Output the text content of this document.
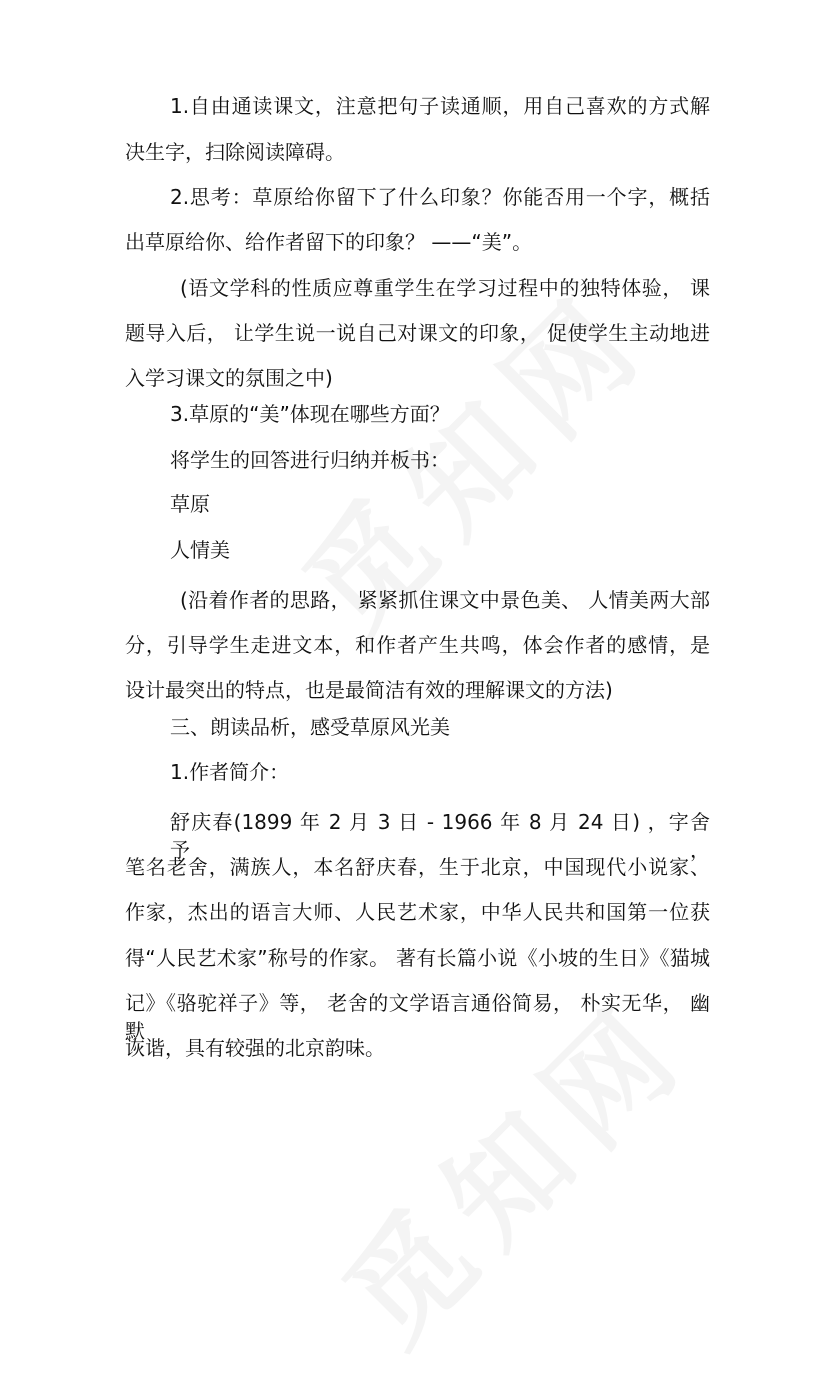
1.自由通读课文，注意把句子读通顺，用自己喜欢的方式解
决生字，扫除阅读障碍。
2.思考：草原给你留下了什么印象？你能否用一个字，概括
出草原给你、给作者留下的印象？ ——“美”。
(语文学科的性质应尊重学生在学习过程中的独特体验， 课
题导入后， 让学生说一说自己对课文的印象， 促使学生主动地进
入学习课文的氛围之中)
3.草原的“美”体现在哪些方面？
将学生的回答进行归纳并板书：
草原
人情美
(沿着作者的思路， 紧紧抓住课文中景色美、 人情美两大部
分，引导学生走进文本，和作者产生共鸣，体会作者的感情，是
设计最突出的特点，也是最简洁有效的理解课文的方法)
三、朗读品析，感受草原风光美
1.作者简介：
舒庆春(1899 年 2 月 3 日 - 1966 年 8 月 24 日) ，字舍予，
笔名老舍，满族人，本名舒庆春，生于北京，中国现代小说家、
作家，杰出的语言大师、人民艺术家，中华人民共和国第一位获
得“人民艺术家”称号的作家。 著有长篇小说《小坡的生日》《猫城
记》《骆驼祥子》等， 老舍的文学语言通俗简易， 朴实无华， 幽默
诙谐，具有较强的北京韵味。
